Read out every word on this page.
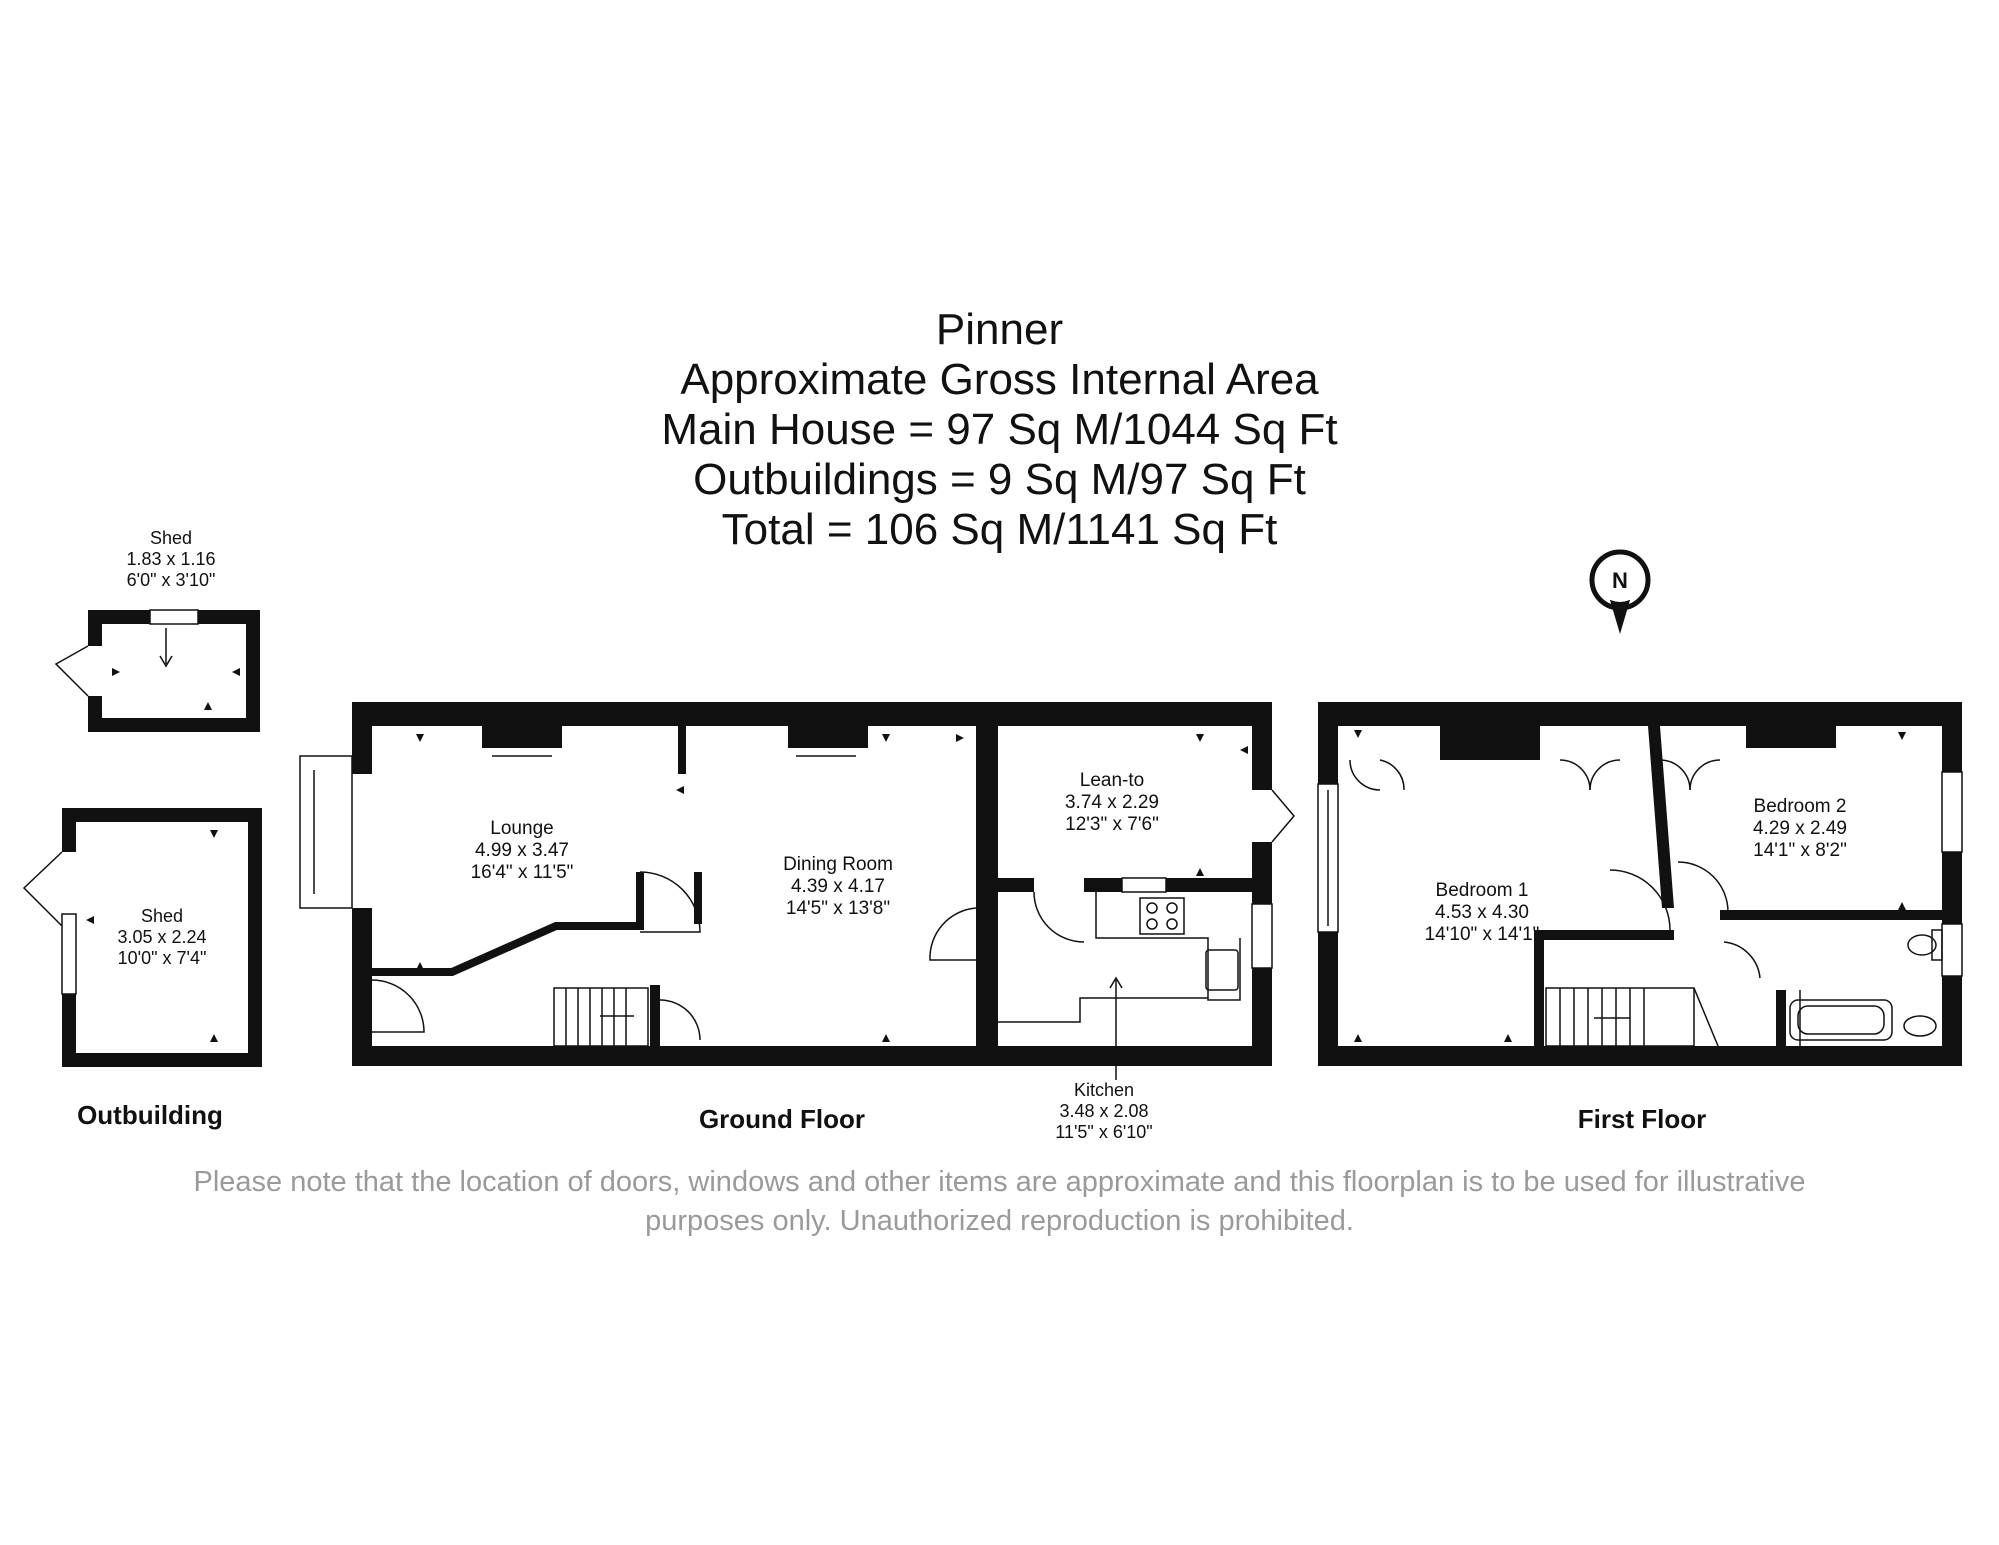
N
Pinner
Approximate Gross Internal Area
Main House = 97 Sq M/1044 Sq Ft
Outbuildings = 9 Sq M/97 Sq Ft
Total = 106 Sq M/1141 Sq Ft
Shed
1.83 x 1.16
6'0" x 3'10"
Shed
3.05 x 2.24
10'0" x 7'4"
Lounge
4.99 x 3.47
16'4" x 11'5"	Dining Room
4.39 x 4.17
14'5" x 13'8"
Lean-to
3.74 x 2.29
12'3" x 7'6"
Kitchen
3.48 x 2.08
11'5" x 6'10"
Bedroom 1
4.53 x 4.30
14'10" x 14'1"
Bedroom 2
4.29 x 2.49
14'1" x 8'2"
Outbuilding	Ground Floor	First Floor
Please note that the location of doors, windows and other items are approximate and this floorplan is to be used for illustrative
purposes only. Unauthorized reproduction is prohibited.
